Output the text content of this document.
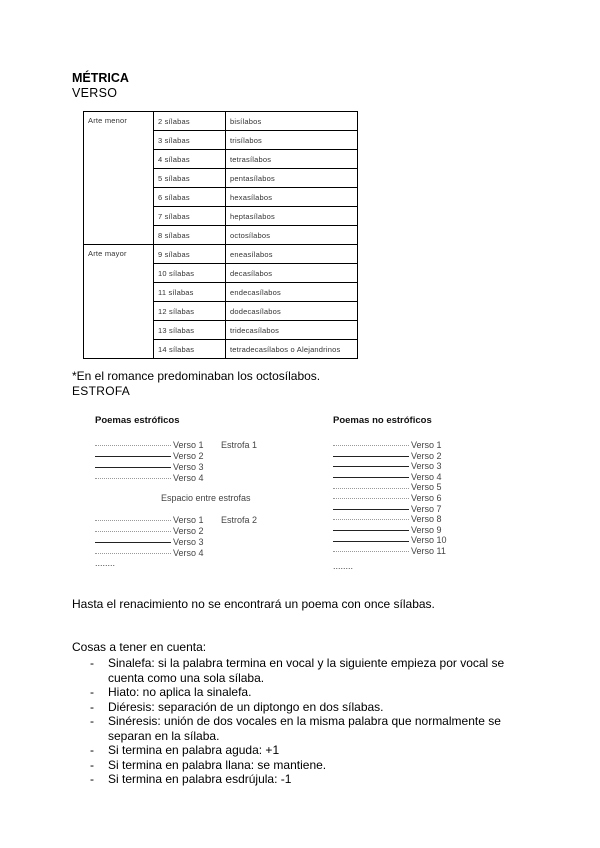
MÉTRICA
VERSO
Arte menor	2 sílabas	bisílabos
	3 sílabas	trisílabos
	4 sílabas	tetrasílabos
	5 sílabas	pentasílabos
	6 sílabas	hexasílabos
	7 sílabas	heptasílabos
	8 sílabas	octosílabos
Arte mayor	9 sílabas	eneasílabos
	10 sílabas	decasílabos
	11 sílabas	endecasílabos
	12 sílabas	dodecasílabos
	13 sílabas	tridecasílabos
	14 sílabas	tetradecasílabos o Alejandrinos
*En el romance predominaban los octosílabos.
ESTROFA
Poemas estróficos	Poemas no estróficos
Verso 1
Verso 2
Verso 3
Verso 4
Estrofa 1
Espacio entre estrofas
Verso 1
Verso 2
Verso 3
Verso 4
Estrofa 2
........
Verso 1
Verso 2
Verso 3
Verso 4
Verso 5
Verso 6
Verso 7
Verso 8
Verso 9
Verso 10
Verso 11
........
Hasta el renacimiento no se encontrará un poema con once sílabas.
Cosas a tener en cuenta:
- Sinalefa: si la palabra termina en vocal y la siguiente empieza por vocal se cuenta como una sola sílaba.
- Hiato: no aplica la sinalefa.
- Diéresis: separación de un diptongo en dos sílabas.
- Sinéresis: unión de dos vocales en la misma palabra que normalmente se separan en la sílaba.
- Si termina en palabra aguda: +1
- Si termina en palabra llana: se mantiene.
- Si termina en palabra esdrújula: -1
